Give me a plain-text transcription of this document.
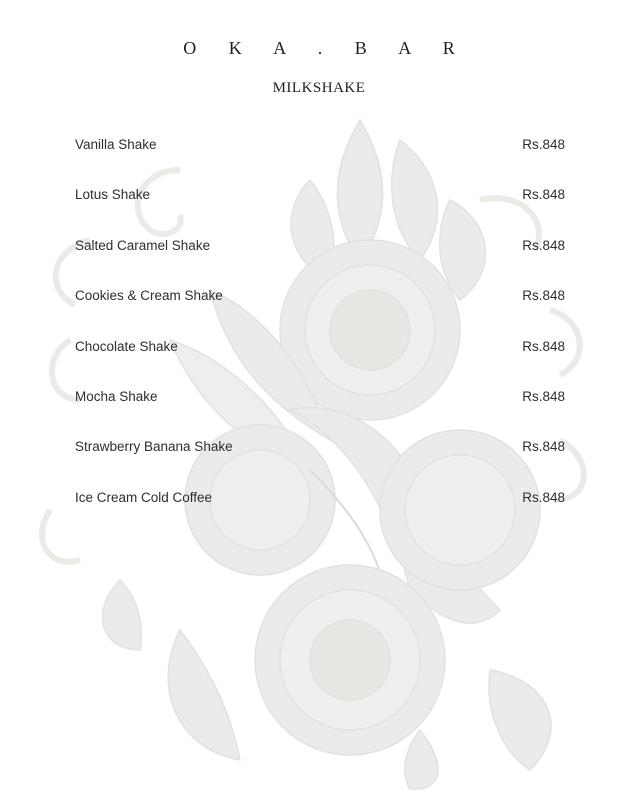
O K A . B A R
MILKSHAKE
Vanilla Shake	Rs.848
Lotus Shake	Rs.848
Salted Caramel Shake	Rs.848
Cookies & Cream Shake	Rs.848
Chocolate Shake	Rs.848
Mocha Shake	Rs.848
Strawberry Banana Shake	Rs.848
Ice Cream Cold Coffee	Rs.848
